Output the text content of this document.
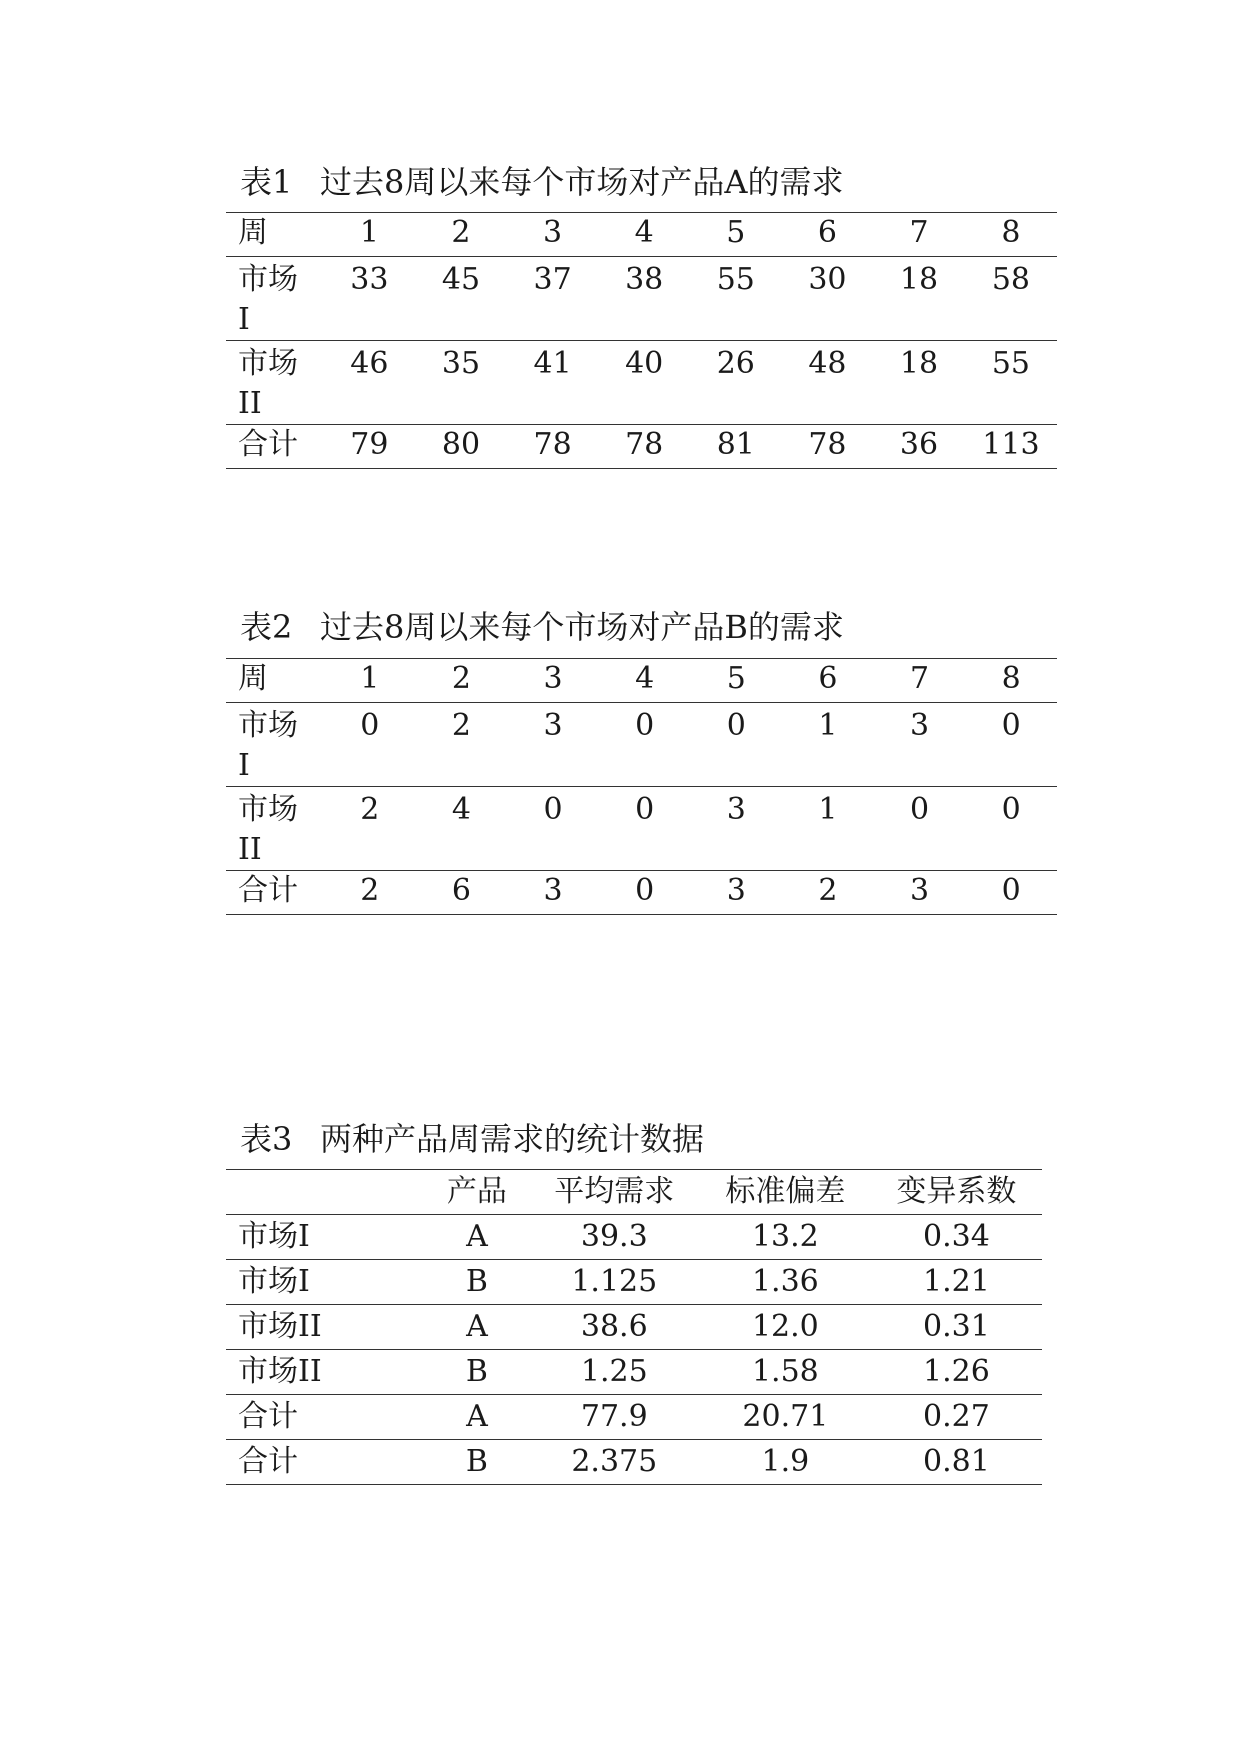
表1 过去8周以来每个市场对产品A的需求
周	1	2	3	4	5	6	7	8

市场
I	33	45	37	38	55	30	18	58

市场
II	46	35	41	40	26	48	18	55
合计	79	80	78	78	81	78	36	113
表2 过去8周以来每个市场对产品B的需求
周	1	2	3	4	5	6	7	8

市场
I	0	2	3	0	0	1	3	0

市场
II	2	4	0	0	3	1	0	0
合计	2	6	3	0	3	2	3	0
表3 两种产品周需求的统计数据
	产品	平均需求	标准偏差	变异系数
市场I	A	39.3	13.2	0.34
市场I	B	1.125	1.36	1.21
市场II	A	38.6	12.0	0.31
市场II	B	1.25	1.58	1.26
合计	A	77.9	20.71	0.27
合计	B	2.375	1.9	0.81
